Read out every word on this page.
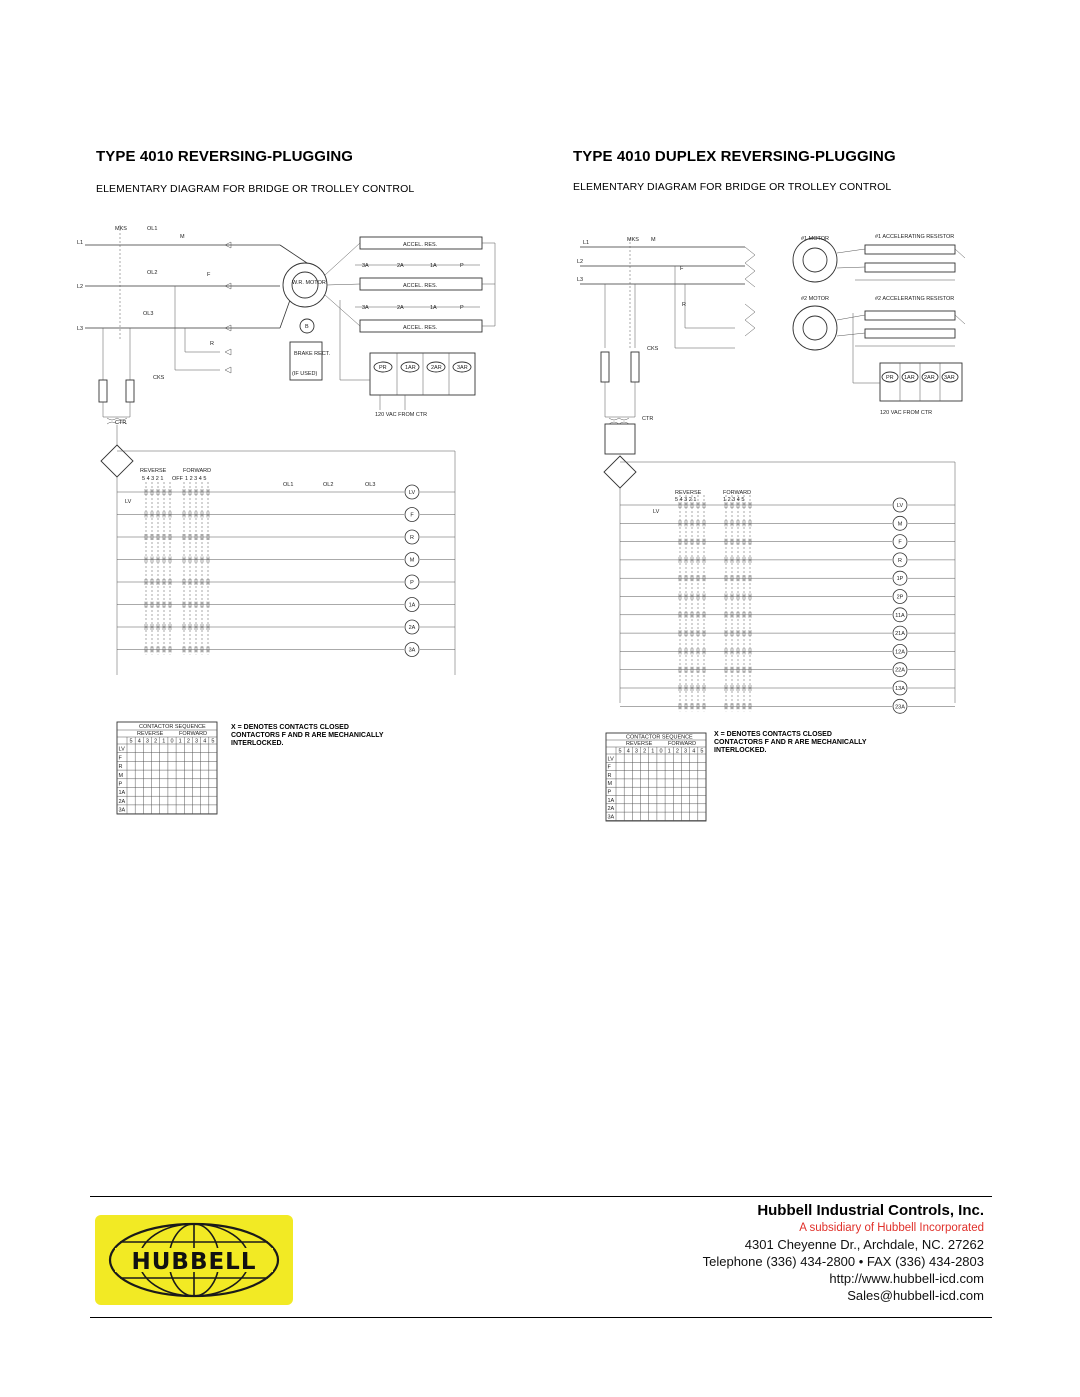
TYPE 4010 REVERSING-PLUGGING
ELEMENTARY DIAGRAM FOR BRIDGE OR TROLLEY CONTROL
TYPE 4010 DUPLEX REVERSING-PLUGGING
ELEMENTARY DIAGRAM FOR BRIDGE OR TROLLEY CONTROL
L1
L2
L3
MKS	OL1
OL2
OL3
M
F
R
W.R. MOTOR
B
BRAKE RECT.
(IF USED)
ACCEL. RES.
ACCEL. RES.
ACCEL. RES.
3A	2A	1A	P
3A	2A	1A	P
PR	1AR	2AR	3AR
120 VAC FROM CTR
CKS
CTR
LV
REVERSE	FORWARD
OFF
5 4 3 2 1	1 2 3 4 5
OL1	OL2	OL3
LV
F
R
M
P
1A
2A
3A
CONTACTOR SEQUENCE
REVERSE	FORWARD
5 4 3 2 1 0 1 2 3 4 5
LV
F
R
M
P
1A
2A
3A
X = DENOTES CONTACTS CLOSED
CONTACTORS F AND R ARE MECHANICALLY INTERLOCKED.
L1
L2
L3
MKS M
F
R
#1 MOTOR
#2 MOTOR
#1 ACCELERATING RESISTOR
#2 ACCELERATING RESISTOR
PR 1AR 2AR 3AR
120 VAC FROM CTR
CKS
CTR
LV
REVERSE	FORWARD
5 4 3 2 1	1 2 3 4 5
LV
M
F
R
1P
2P
11A
21A
12A
22A
13A
23A
CONTACTOR SEQUENCE
REVERSE	FORWARD
5 4 3 2 1 0 1 2 3 4 5
LV
F
R
M
P
1A
2A
3A
X = DENOTES CONTACTS CLOSED
CONTACTORS F AND R ARE MECHANICALLY INTERLOCKED.
HUBBELL
Hubbell Industrial Controls, Inc.
A subsidiary of Hubbell Incorporated
4301 Cheyenne Dr., Archdale, NC. 27262
Telephone (336) 434-2800 • FAX (336) 434-2803
http://www.hubbell-icd.com
Sales@hubbell-icd.com
